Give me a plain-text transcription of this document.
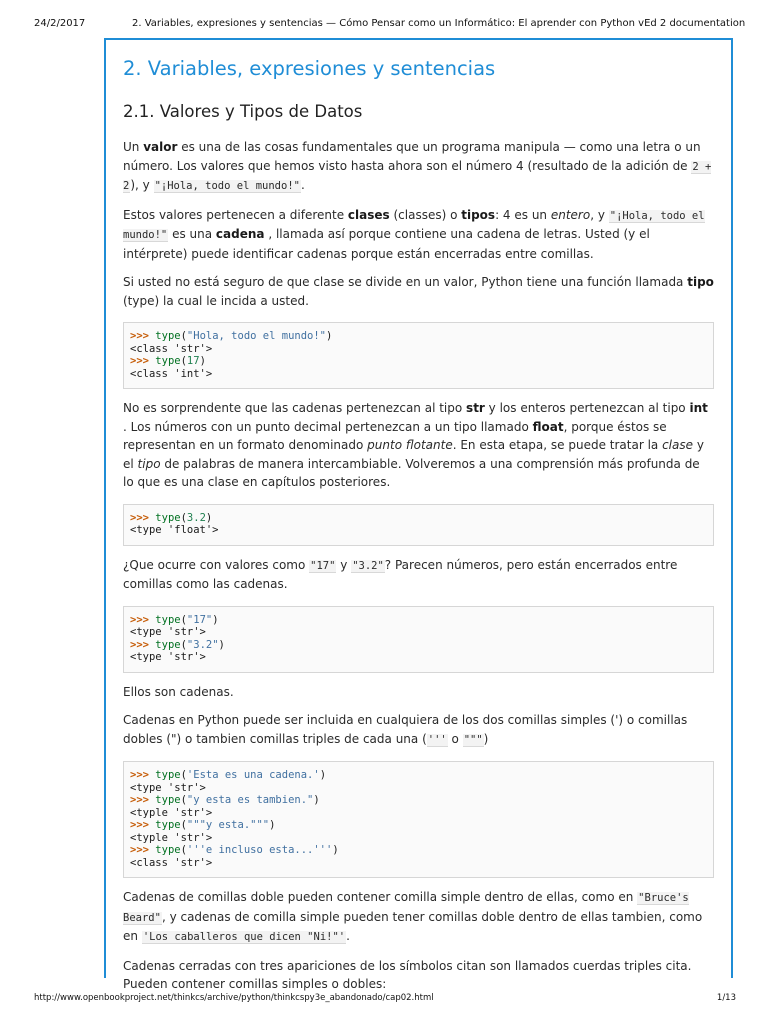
24/2/2017	2. Variables, expresiones y sentencias — Cómo Pensar como un Informático: El aprender con Python vEd 2 documentation
2. Variables, expresiones y sentencias
2.1. Valores y Tipos de Datos

Un valor es una de las cosas fundamentales que un programa manipula — como una letra o un número. Los valores que hemos visto hasta ahora son el número 4 (resultado de la adición de 2 + 2), y "¡Hola, todo el mundo!".

Estos valores pertenecen a diferente clases (classes) o tipos: 4 es un entero, y "¡Hola, todo el mundo!" es una cadena , llamada así porque contiene una cadena de letras. Usted (y el intérprete) puede identificar cadenas porque están encerradas entre comillas.

Si usted no está seguro de que clase se divide en un valor, Python tiene una función llamada tipo (type) la cual le incida a usted.

>>> type("Hola, todo el mundo!")
<class 'str'>
>>> type(17)
<class 'int'>

No es sorprendente que las cadenas pertenezcan al tipo str y los enteros pertenezcan al tipo int . Los números con un punto decimal pertenezcan a un tipo llamado float, porque éstos se representan en un formato denominado punto flotante. En esta etapa, se puede tratar la clase y el tipo de palabras de manera intercambiable. Volveremos a una comprensión más profunda de lo que es una clase en capítulos posteriores.

>>> type(3.2)
<type 'float'>

¿Que ocurre con valores como "17" y "3.2"? Parecen números, pero están encerrados entre comillas como las cadenas.

>>> type("17")
<type 'str'>
>>> type("3.2")
<type 'str'>

Ellos son cadenas.

Cadenas en Python puede ser incluida en cualquiera de los dos comillas simples (') o comillas dobles (") o tambien comillas triples de cada una (''' o """)

>>> type('Esta es una cadena.')
<type 'str'>
>>> type("y esta es tambien.")
<typle 'str'>
>>> type("""y esta.""")
<typle 'str'>
>>> type('''e incluso esta...''')
<class 'str'>

Cadenas de comillas doble pueden contener comilla simple dentro de ellas, como en "Bruce's Beard", y cadenas de comilla simple pueden tener comillas doble dentro de ellas tambien, como en 'Los caballeros que dicen "Ni!"'.

Cadenas cerradas con tres apariciones de los símbolos citan son llamados cuerdas triples cita. Pueden contener comillas simples o dobles:

http://www.openbookproject.net/thinkcs/archive/python/thinkcspy3e_abandonado/cap02.html	1/13
